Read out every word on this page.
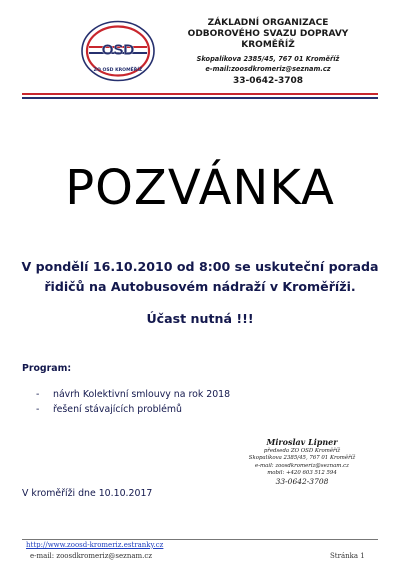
OSD
ZO OSD KROMĚŘÍŽ
ZÁKLADNÍ ORGANIZACE
ODBOROVÉHO SVAZU DOPRAVY
KROMĚŘÍŽ
Skopalíkova 2385/45, 767 01 Kroměříž
e-mail:zoosdkromeriz@seznam.cz
33-0642-3708
POZVÁNKA
V pondělí 16.10.2010 od 8:00 se uskuteční porada
řidičů na Autobusovém nádraží v Kroměříži.
Účast nutná !!!
Program:
- návrh Kolektivní smlouvy na rok 2018
- řešení stávajících problémů
Miroslav Lipner
předseda ZO OSD Kroměříž
Skopalíkova 2385/45, 767 01 Kroměříž
e-mail: zoosdkromeriz@seznam.cz
mobil: +420 603 512 594
33-0642-3708
V kroměříži dne 10.10.2017
http://www.zoosd-kromeriz.estranky.cz
e-mail: zoosdkromeriz@seznam.cz	Stránka 1
